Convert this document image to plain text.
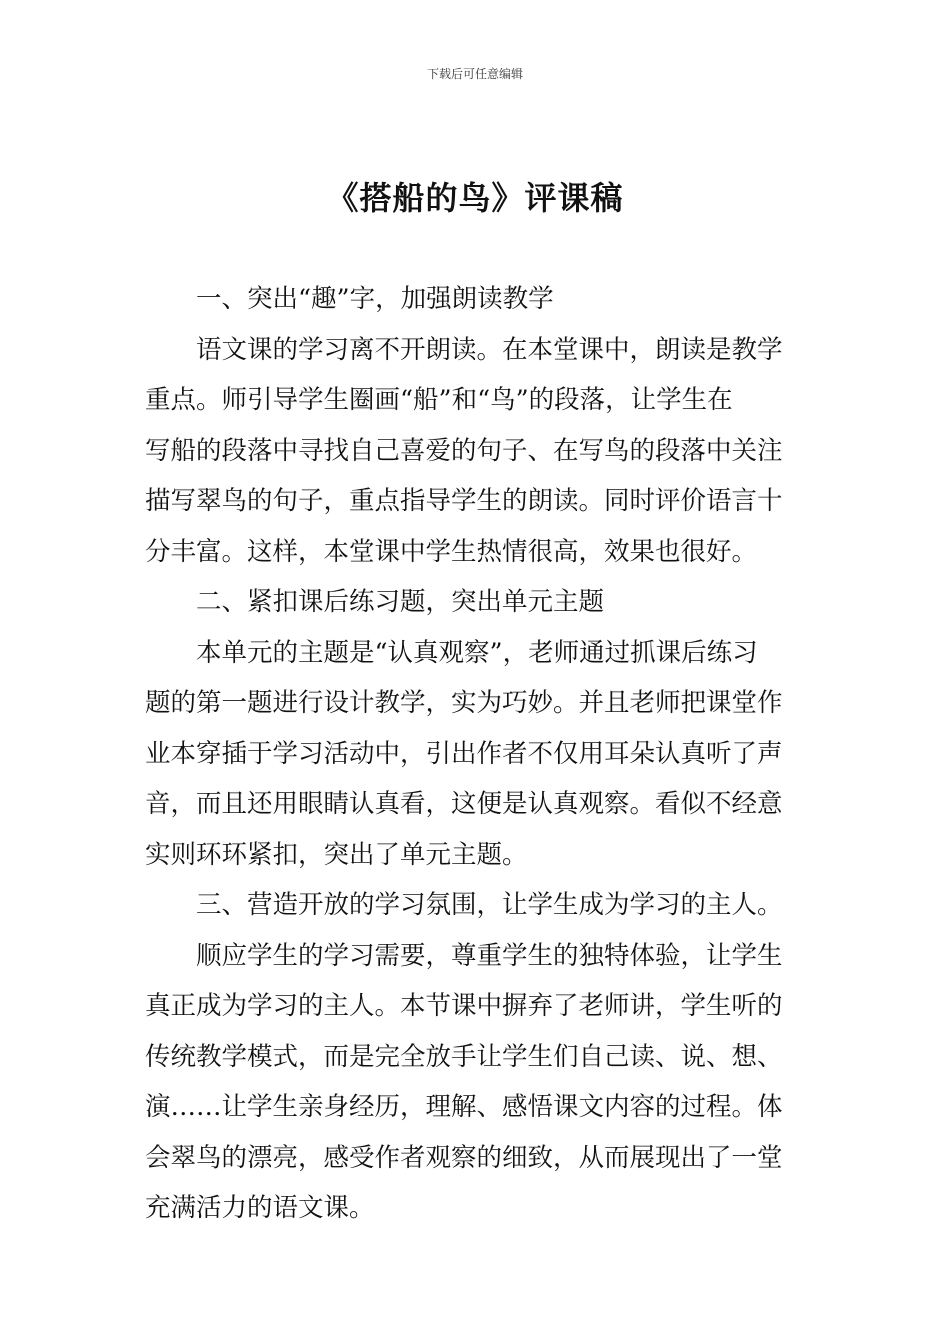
下载后可任意编辑
《搭船的鸟》评课稿
一、突出“趣”字，加强朗读教学
语文课的学习离不开朗读。在本堂课中，朗读是教学
重点。师引导学生圈画“船”和“鸟”的段落，让学生在
写船的段落中寻找自己喜爱的句子、在写鸟的段落中关注
描写翠鸟的句子，重点指导学生的朗读。同时评价语言十
分丰富。这样，本堂课中学生热情很高，效果也很好。
二、紧扣课后练习题，突出单元主题
本单元的主题是“认真观察”，老师通过抓课后练习
题的第一题进行设计教学，实为巧妙。并且老师把课堂作
业本穿插于学习活动中，引出作者不仅用耳朵认真听了声
音，而且还用眼睛认真看，这便是认真观察。看似不经意
实则环环紧扣，突出了单元主题。
三、营造开放的学习氛围，让学生成为学习的主人。
顺应学生的学习需要，尊重学生的独特体验，让学生
真正成为学习的主人。本节课中摒弃了老师讲，学生听的
传统教学模式，而是完全放手让学生们自己读、说、想、
演……让学生亲身经历，理解、感悟课文内容的过程。体
会翠鸟的漂亮，感受作者观察的细致，从而展现出了一堂
充满活力的语文课。
